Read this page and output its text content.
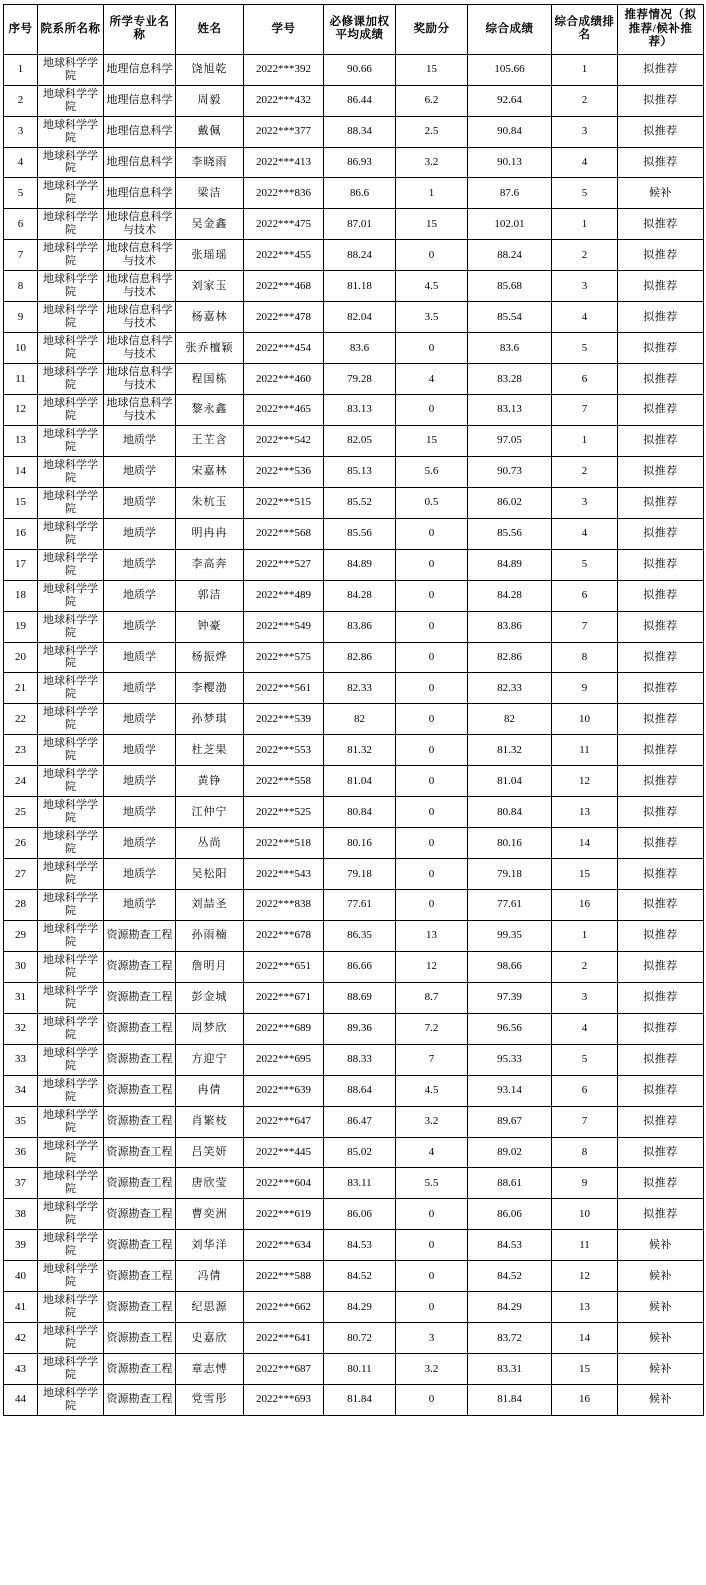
序号	院系所名称	所学专业名称	姓名	学号	必修课加权平均成绩	奖励分	综合成绩	综合成绩排名	推荐情况（拟推荐/候补推荐）
1	地球科学学院	地理信息科学	饶旭乾	2022***392	90.66	15	105.66	1	拟推荐
2	地球科学学院	地理信息科学	周毅	2022***432	86.44	6.2	92.64	2	拟推荐
3	地球科学学院	地理信息科学	戴佩	2022***377	88.34	2.5	90.84	3	拟推荐
4	地球科学学院	地理信息科学	李晓雨	2022***413	86.93	3.2	90.13	4	拟推荐
5	地球科学学院	地理信息科学	梁洁	2022***836	86.6	1	87.6	5	候补
6	地球科学学院	地球信息科学与技术	吴金鑫	2022***475	87.01	15	102.01	1	拟推荐
7	地球科学学院	地球信息科学与技术	张瑶瑶	2022***455	88.24	0	88.24	2	拟推荐
8	地球科学学院	地球信息科学与技术	刘家玉	2022***468	81.18	4.5	85.68	3	拟推荐
9	地球科学学院	地球信息科学与技术	杨嘉林	2022***478	82.04	3.5	85.54	4	拟推荐
10	地球科学学院	地球信息科学与技术	张乔檀颖	2022***454	83.6	0	83.6	5	拟推荐
11	地球科学学院	地球信息科学与技术	程国栋	2022***460	79.28	4	83.28	6	拟推荐
12	地球科学学院	地球信息科学与技术	黎永鑫	2022***465	83.13	0	83.13	7	拟推荐
13	地球科学学院	地质学	王芏含	2022***542	82.05	15	97.05	1	拟推荐
14	地球科学学院	地质学	宋嘉林	2022***536	85.13	5.6	90.73	2	拟推荐
15	地球科学学院	地质学	朱杭玉	2022***515	85.52	0.5	86.02	3	拟推荐
16	地球科学学院	地质学	明冉冉	2022***568	85.56	0	85.56	4	拟推荐
17	地球科学学院	地质学	李高奔	2022***527	84.89	0	84.89	5	拟推荐
18	地球科学学院	地质学	郭洁	2022***489	84.28	0	84.28	6	拟推荐
19	地球科学学院	地质学	钟豪	2022***549	83.86	0	83.86	7	拟推荐
20	地球科学学院	地质学	杨振烨	2022***575	82.86	0	82.86	8	拟推荐
21	地球科学学院	地质学	李樱渤	2022***561	82.33	0	82.33	9	拟推荐
22	地球科学学院	地质学	孙梦琪	2022***539	82	0	82	10	拟推荐
23	地球科学学院	地质学	杜芝果	2022***553	81.32	0	81.32	11	拟推荐
24	地球科学学院	地质学	黄铮	2022***558	81.04	0	81.04	12	拟推荐
25	地球科学学院	地质学	江仲宁	2022***525	80.84	0	80.84	13	拟推荐
26	地球科学学院	地质学	丛尚	2022***518	80.16	0	80.16	14	拟推荐
27	地球科学学院	地质学	吴松阳	2022***543	79.18	0	79.18	15	拟推荐
28	地球科学学院	地质学	刘喆圣	2022***838	77.61	0	77.61	16	拟推荐
29	地球科学学院	资源勘查工程	孙雨楠	2022***678	86.35	13	99.35	1	拟推荐
30	地球科学学院	资源勘查工程	詹明月	2022***651	86.66	12	98.66	2	拟推荐
31	地球科学学院	资源勘查工程	彭金城	2022***671	88.69	8.7	97.39	3	拟推荐
32	地球科学学院	资源勘查工程	周梦欣	2022***689	89.36	7.2	96.56	4	拟推荐
33	地球科学学院	资源勘查工程	方迎宁	2022***695	88.33	7	95.33	5	拟推荐
34	地球科学学院	资源勘查工程	冉倩	2022***639	88.64	4.5	93.14	6	拟推荐
35	地球科学学院	资源勘查工程	肖繁枝	2022***647	86.47	3.2	89.67	7	拟推荐
36	地球科学学院	资源勘查工程	吕笑妍	2022***445	85.02	4	89.02	8	拟推荐
37	地球科学学院	资源勘查工程	唐欣莹	2022***604	83.11	5.5	88.61	9	拟推荐
38	地球科学学院	资源勘查工程	曹奕洲	2022***619	86.06	0	86.06	10	拟推荐
39	地球科学学院	资源勘查工程	刘华洋	2022***634	84.53	0	84.53	11	候补
40	地球科学学院	资源勘查工程	冯倩	2022***588	84.52	0	84.52	12	候补
41	地球科学学院	资源勘查工程	纪思源	2022***662	84.29	0	84.29	13	候补
42	地球科学学院	资源勘查工程	史嘉欣	2022***641	80.72	3	83.72	14	候补
43	地球科学学院	资源勘查工程	章志愽	2022***687	80.11	3.2	83.31	15	候补
44	地球科学学院	资源勘查工程	党雪彤	2022***693	81.84	0	81.84	16	候补
